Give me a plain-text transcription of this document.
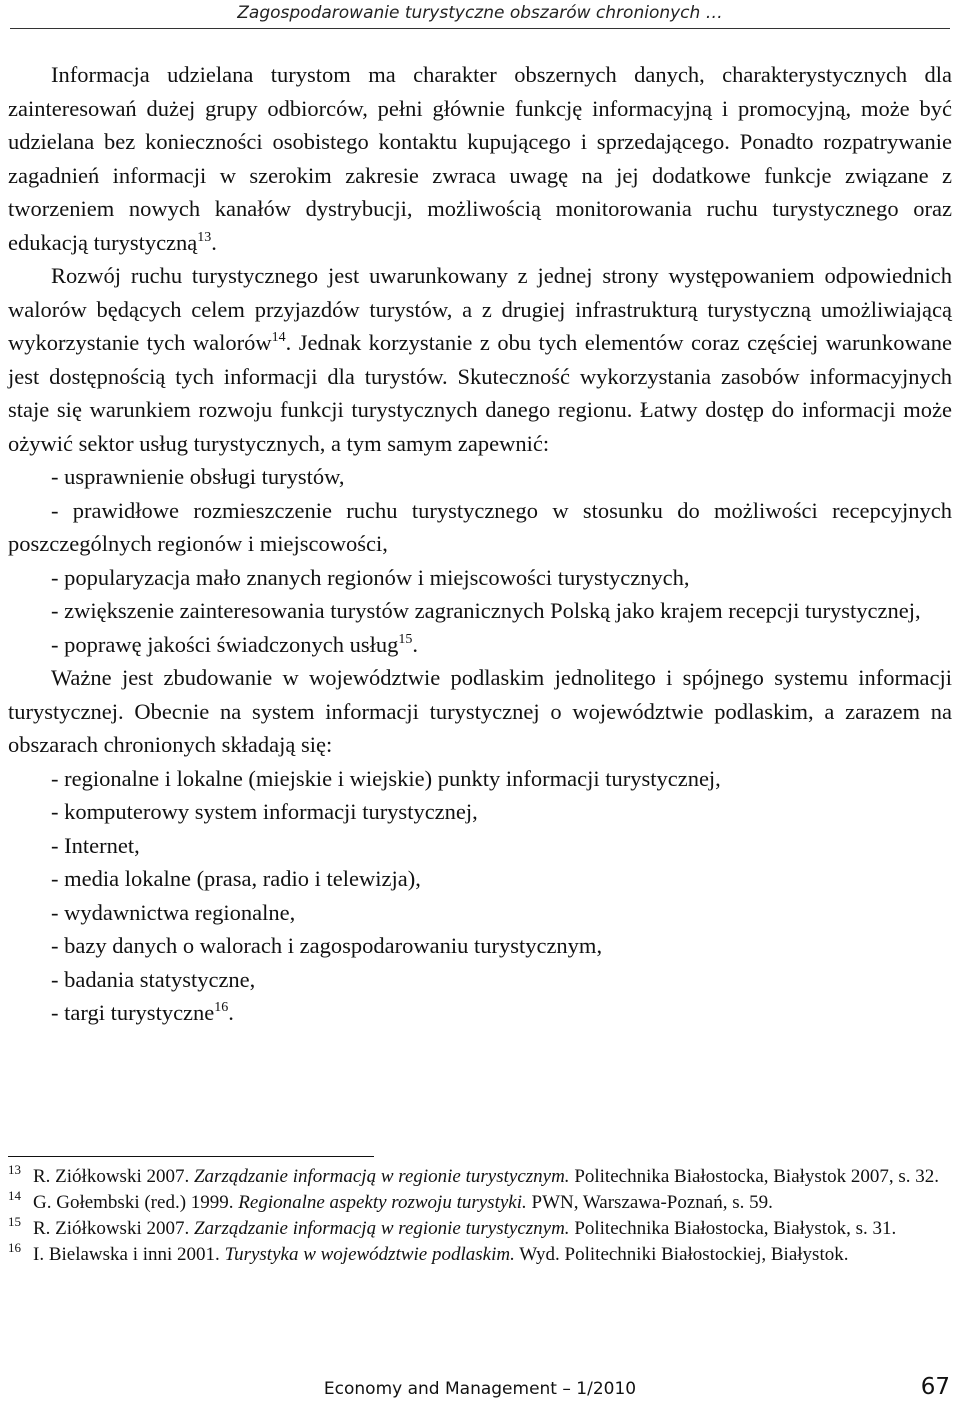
Zagospodarowanie turystyczne obszarów chronionych …

Informacja udzielana turystom ma charakter obszernych danych, charakterystycznych dla zainteresowań dużej grupy odbiorców, pełni głównie funkcję informacyjną i promocyjną, może być udzielana bez konieczności osobistego kontaktu kupującego i sprzedającego. Ponadto rozpatrywanie zagadnień informacji w szerokim zakresie zwraca uwagę na jej dodatkowe funkcje związane z tworzeniem nowych kanałów dystrybucji, możliwością monitorowania ruchu turystycznego oraz edukacją turystyczną$^{13}$.

Rozwój ruchu turystycznego jest uwarunkowany z jednej strony występowaniem odpowiednich walorów będących celem przyjazdów turystów, a z drugiej infrastrukturą turystyczną umożliwiającą wykorzystanie tych walorów$^{14}$. Jednak korzystanie z obu tych elementów coraz częściej warunkowane jest dostępnością tych informacji dla turystów. Skuteczność wykorzystania zasobów informacyjnych staje się warunkiem rozwoju funkcji turystycznych danego regionu. Łatwy dostęp do informacji może ożywić sektor usług turystycznych, a tym samym zapewnić:

- usprawnienie obsługi turystów,
- prawidłowe rozmieszczenie ruchu turystycznego w stosunku do możliwości recepcyjnych poszczególnych regionów i miejscowości,
- popularyzacja mało znanych regionów i miejscowości turystycznych,
- zwiększenie zainteresowania turystów zagranicznych Polską jako krajem recepcji turystycznej,
- poprawę jakości świadczonych usług$^{15}$.

Ważne jest zbudowanie w województwie podlaskim jednolitego i spójnego systemu informacji turystycznej. Obecnie na system informacji turystycznej o województwie podlaskim, a zarazem na obszarach chronionych składają się:

- regionalne i lokalne (miejskie i wiejskie) punkty informacji turystycznej,
- komputerowy system informacji turystycznej,
- Internet,
- media lokalne (prasa, radio i telewizja),
- wydawnictwa regionalne,
- bazy danych o walorach i zagospodarowaniu turystycznym,
- badania statystyczne,
- targi turystyczne$^{16}$.

$^{13}$ R. Ziółkowski 2007. Zarządzanie informacją w regionie turystycznym. Politechnika Białostocka, Białystok 2007, s. 32.

$^{14}$ G. Gołembski (red.) 1999. Regionalne aspekty rozwoju turystyki. PWN, Warszawa-Poznań, s. 59.

$^{15}$ R. Ziółkowski 2007. Zarządzanie informacją w regionie turystycznym. Politechnika Białostocka, Białystok, s. 31.

$^{16}$ I. Bielawska i inni 2001. Turystyka w województwie podlaskim. Wyd. Politechniki Białostockiej, Białystok.

Economy and Management – 1/2010	67
